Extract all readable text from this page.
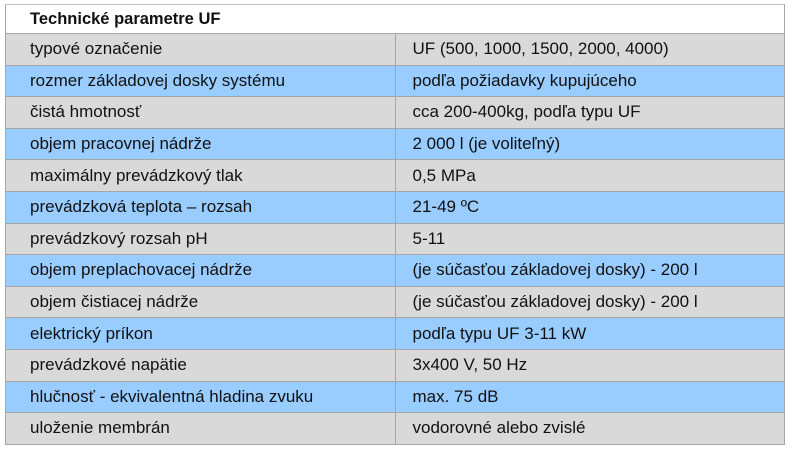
Technické parametre UF	
typové označenie	UF (500, 1000, 1500, 2000, 4000)
rozmer základovej dosky systému	podľa požiadavky kupujúceho
čistá hmotnosť	cca 200-400kg, podľa typu UF
objem pracovnej nádrže	2 000 l (je voliteľný)
maximálny prevádzkový tlak	0,5 MPa
prevádzková teplota – rozsah	21-49 ºC
prevádzkový rozsah pH	5-11
objem preplachovacej nádrže	(je súčasťou základovej dosky) - 200 l
objem čistiacej nádrže	(je súčasťou základovej dosky) - 200 l
elektrický príkon	podľa typu UF 3-11 kW
prevádzkové napätie	3x400 V, 50 Hz
hlučnosť - ekvivalentná hladina zvuku	max. 75 dB
uloženie membrán	vodorovné alebo zvislé
